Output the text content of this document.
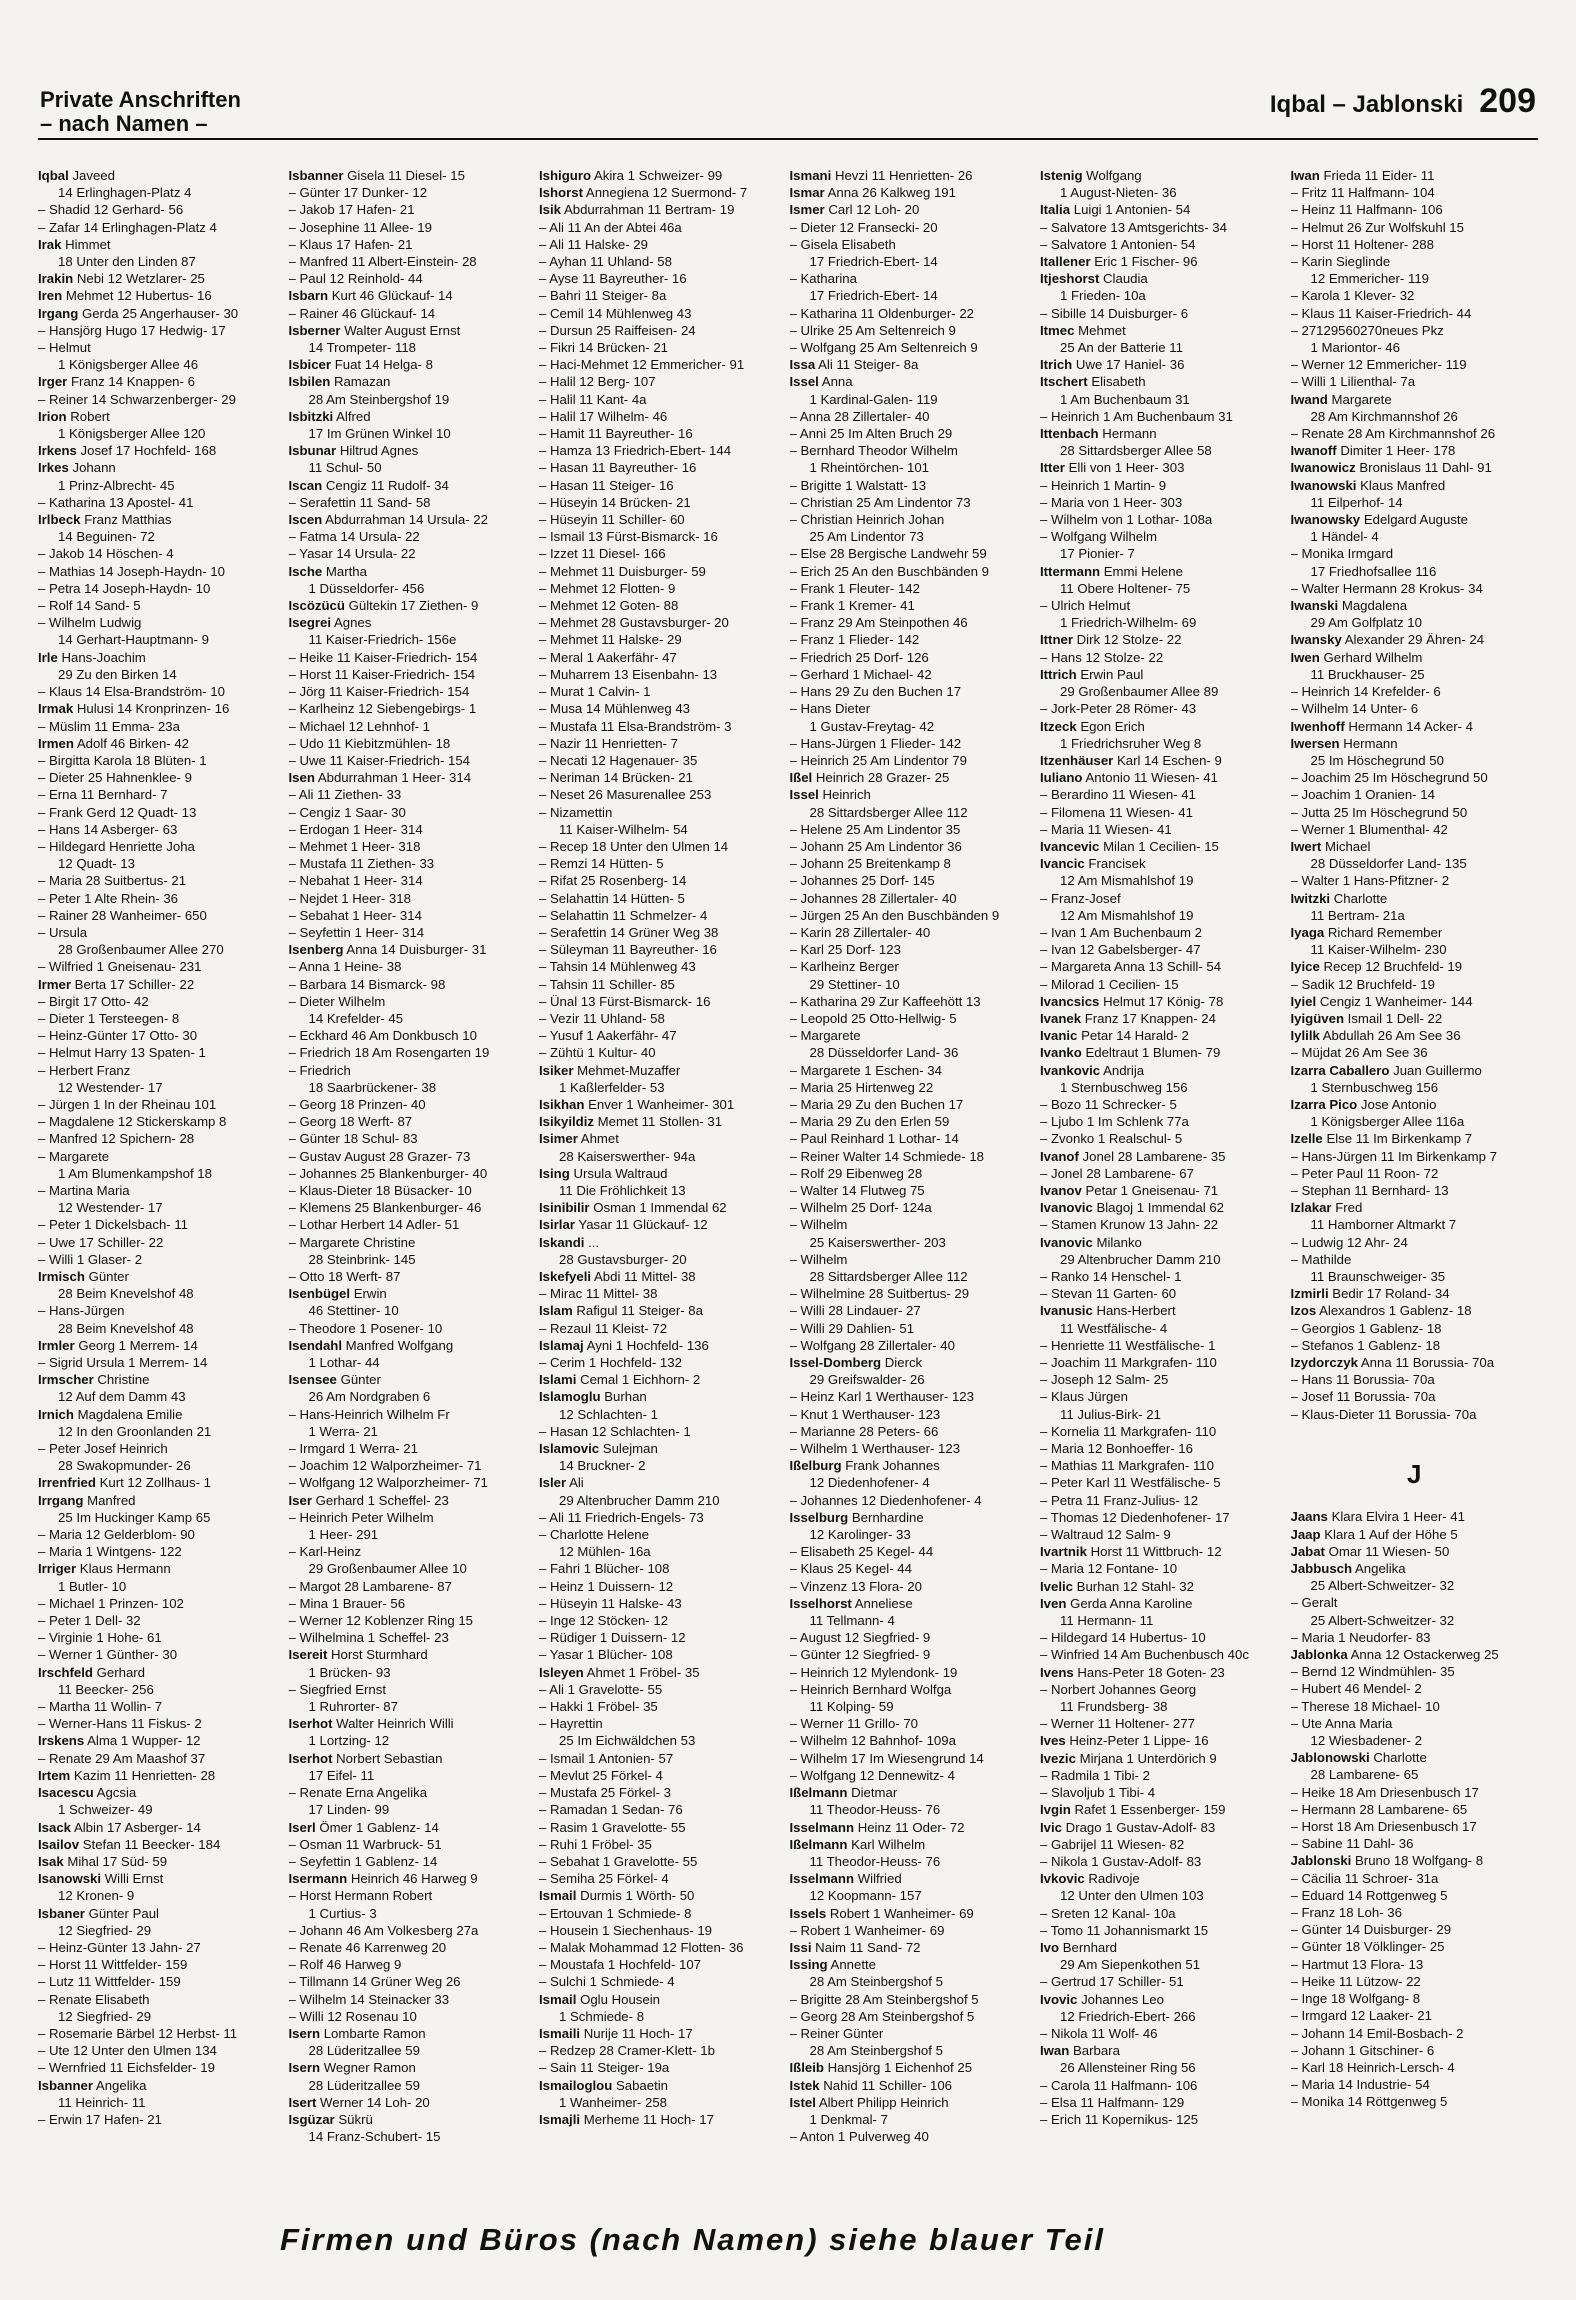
Private Anschriften
– nach Namen –
Iqbal – Jablonski 209
Iqbal Javeed
14 Erlinghagen-Platz 4
– Shadid 12 Gerhard- 56
– Zafar 14 Erlinghagen-Platz 4
Irak Himmet
18 Unter den Linden 87
Irakin Nebi 12 Wetzlarer- 25
Iren Mehmet 12 Hubertus- 16
Irgang Gerda 25 Angerhauser- 30
– Hansjörg Hugo 17 Hedwig- 17
– Helmut
1 Königsberger Allee 46
Irger Franz 14 Knappen- 6
– Reiner 14 Schwarzenberger- 29
Irion Robert
1 Königsberger Allee 120
Irkens Josef 17 Hochfeld- 168
Irkes Johann
1 Prinz-Albrecht- 45
– Katharina 13 Apostel- 41
Irlbeck Franz Matthias
14 Beguinen- 72
– Jakob 14 Höschen- 4
– Mathias 14 Joseph-Haydn- 10
– Petra 14 Joseph-Haydn- 10
– Rolf 14 Sand- 5
– Wilhelm Ludwig
14 Gerhart-Hauptmann- 9
Irle Hans-Joachim
29 Zu den Birken 14
– Klaus 14 Elsa-Brandström- 10
Irmak Hulusi 14 Kronprinzen- 16
– Müslim 11 Emma- 23a
Irmen Adolf 46 Birken- 42
– Birgitta Karola 18 Blüten- 1
– Dieter 25 Hahnenklee- 9
– Erna 11 Bernhard- 7
– Frank Gerd 12 Quadt- 13
– Hans 14 Asberger- 63
– Hildegard Henriette Joha
12 Quadt- 13
– Maria 28 Suitbertus- 21
– Peter 1 Alte Rhein- 36
– Rainer 28 Wanheimer- 650
– Ursula
28 Großenbaumer Allee 270
– Wilfried 1 Gneisenau- 231
Irmer Berta 17 Schiller- 22
– Birgit 17 Otto- 42
– Dieter 1 Tersteegen- 8
– Heinz-Günter 17 Otto- 30
– Helmut Harry 13 Spaten- 1
– Herbert Franz
12 Westender- 17
– Jürgen 1 In der Rheinau 101
– Magdalene 12 Stickerskamp 8
– Manfred 12 Spichern- 28
– Margarete
1 Am Blumenkampshof 18
– Martina Maria
12 Westender- 17
– Peter 1 Dickelsbach- 11
– Uwe 17 Schiller- 22
– Willi 1 Glaser- 2
Irmisch Günter
28 Beim Knevelshof 48
– Hans-Jürgen
28 Beim Knevelshof 48
Irmler Georg 1 Merrem- 14
– Sigrid Ursula 1 Merrem- 14
Irmscher Christine
12 Auf dem Damm 43
Irnich Magdalena Emilie
12 In den Groonlanden 21
– Peter Josef Heinrich
28 Swakopmunder- 26
Irrenfried Kurt 12 Zollhaus- 1
Irrgang Manfred
25 Im Huckinger Kamp 65
– Maria 12 Gelderblom- 90
– Maria 1 Wintgens- 122
Irriger Klaus Hermann
1 Butler- 10
– Michael 1 Prinzen- 102
– Peter 1 Dell- 32
– Virginie 1 Hohe- 61
– Werner 1 Günther- 30
Irschfeld Gerhard
11 Beecker- 256
– Martha 11 Wollin- 7
– Werner-Hans 11 Fiskus- 2
Irskens Alma 1 Wupper- 12
– Renate 29 Am Maashof 37
Irtem Kazim 11 Henrietten- 28
Isacescu Agcsia
1 Schweizer- 49
Isack Albin 17 Asberger- 14
Isailov Stefan 11 Beecker- 184
Isak Mihal 17 Süd- 59
Isanowski Willi Ernst
12 Kronen- 9
Isbaner Günter Paul
12 Siegfried- 29
– Heinz-Günter 13 Jahn- 27
– Horst 11 Wittfelder- 159
– Lutz 11 Wittfelder- 159
– Renate Elisabeth
12 Siegfried- 29
– Rosemarie Bärbel 12 Herbst- 11
– Ute 12 Unter den Ulmen 134
– Wernfried 11 Eichsfelder- 19
Isbanner Angelika
11 Heinrich- 11
– Erwin 17 Hafen- 21
Isbanner Gisela 11 Diesel- 15
– Günter 17 Dunker- 12
– Jakob 17 Hafen- 21
– Josephine 11 Allee- 19
– Klaus 17 Hafen- 21
– Manfred 11 Albert-Einstein- 28
– Paul 12 Reinhold- 44
Isbarn Kurt 46 Glückauf- 14
– Rainer 46 Glückauf- 14
Isberner Walter August Ernst
14 Trompeter- 118
Isbicer Fuat 14 Helga- 8
Isbilen Ramazan
28 Am Steinbergshof 19
Isbitzki Alfred
17 Im Grünen Winkel 10
Isbunar Hiltrud Agnes
11 Schul- 50
Iscan Cengiz 11 Rudolf- 34
– Serafettin 11 Sand- 58
Iscen Abdurrahman 14 Ursula- 22
– Fatma 14 Ursula- 22
– Yasar 14 Ursula- 22
Ische Martha
1 Düsseldorfer- 456
Iscözücü Gültekin 17 Ziethen- 9
Isegrei Agnes
11 Kaiser-Friedrich- 156e
– Heike 11 Kaiser-Friedrich- 154
– Horst 11 Kaiser-Friedrich- 154
– Jörg 11 Kaiser-Friedrich- 154
– Karlheinz 12 Siebengebirgs- 1
– Michael 12 Lehnhof- 1
– Udo 11 Kiebitzmühlen- 18
– Uwe 11 Kaiser-Friedrich- 154
Isen Abdurrahman 1 Heer- 314
– Ali 11 Ziethen- 33
– Cengiz 1 Saar- 30
– Erdogan 1 Heer- 314
– Mehmet 1 Heer- 318
– Mustafa 11 Ziethen- 33
– Nebahat 1 Heer- 314
– Nejdet 1 Heer- 318
– Sebahat 1 Heer- 314
– Seyfettin 1 Heer- 314
Isenberg Anna 14 Duisburger- 31
– Anna 1 Heine- 38
– Barbara 14 Bismarck- 98
– Dieter Wilhelm
14 Krefelder- 45
– Eckhard 46 Am Donkbusch 10
– Friedrich 18 Am Rosengarten 19
– Friedrich
18 Saarbrückener- 38
– Georg 18 Prinzen- 40
– Georg 18 Werft- 87
– Günter 18 Schul- 83
– Gustav August 28 Grazer- 73
– Johannes 25 Blankenburger- 40
– Klaus-Dieter 18 Büsacker- 10
– Klemens 25 Blankenburger- 46
– Lothar Herbert 14 Adler- 51
– Margarete Christine
28 Steinbrink- 145
– Otto 18 Werft- 87
Isenbügel Erwin
46 Stettiner- 10
– Theodore 1 Posener- 10
Isendahl Manfred Wolfgang
1 Lothar- 44
Isensee Günter
26 Am Nordgraben 6
– Hans-Heinrich Wilhelm Fr
1 Werra- 21
– Irmgard 1 Werra- 21
– Joachim 12 Walporzheimer- 71
– Wolfgang 12 Walporzheimer- 71
Iser Gerhard 1 Scheffel- 23
– Heinrich Peter Wilhelm
1 Heer- 291
– Karl-Heinz
29 Großenbaumer Allee 10
– Margot 28 Lambarene- 87
– Mina 1 Brauer- 56
– Werner 12 Koblenzer Ring 15
– Wilhelmina 1 Scheffel- 23
Isereit Horst Sturmhard
1 Brücken- 93
– Siegfried Ernst
1 Ruhrorter- 87
Iserhot Walter Heinrich Willi
1 Lortzing- 12
Iserhot Norbert Sebastian
17 Eifel- 11
– Renate Erna Angelika
17 Linden- 99
Iserl Ömer 1 Gablenz- 14
– Osman 11 Warbruck- 51
– Seyfettin 1 Gablenz- 14
Isermann Heinrich 46 Harweg 9
– Horst Hermann Robert
1 Curtius- 3
– Johann 46 Am Volkesberg 27a
– Renate 46 Karrenweg 20
– Rolf 46 Harweg 9
– Tillmann 14 Grüner Weg 26
– Wilhelm 14 Steinacker 33
– Willi 12 Rosenau 10
Isern Lombarte Ramon
28 Lüderitzallee 59
Isern Wegner Ramon
28 Lüderitzallee 59
Isert Werner 14 Loh- 20
Isgüzar Sükrü
14 Franz-Schubert- 15
Ishiguro Akira 1 Schweizer- 99
Ishorst Annegiena 12 Suermond- 7
Isik Abdurrahman 11 Bertram- 19
– Ali 11 An der Abtei 46a
– Ali 11 Halske- 29
– Ayhan 11 Uhland- 58
– Ayse 11 Bayreuther- 16
– Bahri 11 Steiger- 8a
– Cemil 14 Mühlenweg 43
– Dursun 25 Raiffeisen- 24
– Fikri 14 Brücken- 21
– Haci-Mehmet 12 Emmericher- 91
– Halil 12 Berg- 107
– Halil 11 Kant- 4a
– Halil 17 Wilhelm- 46
– Hamit 11 Bayreuther- 16
– Hamza 13 Friedrich-Ebert- 144
– Hasan 11 Bayreuther- 16
– Hasan 11 Steiger- 16
– Hüseyin 14 Brücken- 21
– Hüseyin 11 Schiller- 60
– Ismail 13 Fürst-Bismarck- 16
– Izzet 11 Diesel- 166
– Mehmet 11 Duisburger- 59
– Mehmet 12 Flotten- 9
– Mehmet 12 Goten- 88
– Mehmet 28 Gustavsburger- 20
– Mehmet 11 Halske- 29
– Meral 1 Aakerfähr- 47
– Muharrem 13 Eisenbahn- 13
– Murat 1 Calvin- 1
– Musa 14 Mühlenweg 43
– Mustafa 11 Elsa-Brandström- 3
– Nazir 11 Henrietten- 7
– Necati 12 Hagenauer- 35
– Neriman 14 Brücken- 21
– Neset 26 Masurenallee 253
– Nizamettin
11 Kaiser-Wilhelm- 54
– Recep 18 Unter den Ulmen 14
– Remzi 14 Hütten- 5
– Rifat 25 Rosenberg- 14
– Selahattin 14 Hütten- 5
– Selahattin 11 Schmelzer- 4
– Serafettin 14 Grüner Weg 38
– Süleyman 11 Bayreuther- 16
– Tahsin 14 Mühlenweg 43
– Tahsin 11 Schiller- 85
– Ünal 13 Fürst-Bismarck- 16
– Vezir 11 Uhland- 58
– Yusuf 1 Aakerfähr- 47
– Zühtü 1 Kultur- 40
Isiker Mehmet-Muzaffer
1 Kaßlerfelder- 53
Isikhan Enver 1 Wanheimer- 301
Isikyildiz Memet 11 Stollen- 31
Isimer Ahmet
28 Kaiserswerther- 94a
Ising Ursula Waltraud
11 Die Fröhlichkeit 13
Isinibilir Osman 1 Immendal 62
Isirlar Yasar 11 Glückauf- 12
Iskandi ...
28 Gustavsburger- 20
Iskefyeli Abdi 11 Mittel- 38
– Mirac 11 Mittel- 38
Islam Rafigul 11 Steiger- 8a
– Rezaul 11 Kleist- 72
Islamaj Ayni 1 Hochfeld- 136
– Cerim 1 Hochfeld- 132
Islami Cemal 1 Eichhorn- 2
Islamoglu Burhan
12 Schlachten- 1
– Hasan 12 Schlachten- 1
Islamovic Sulejman
14 Bruckner- 2
Isler Ali
29 Altenbrucher Damm 210
– Ali 11 Friedrich-Engels- 73
– Charlotte Helene
12 Mühlen- 16a
– Fahri 1 Blücher- 108
– Heinz 1 Duissern- 12
– Hüseyin 11 Halske- 43
– Inge 12 Stöcken- 12
– Rüdiger 1 Duissern- 12
– Yasar 1 Blücher- 108
Isleyen Ahmet 1 Fröbel- 35
– Ali 1 Gravelotte- 55
– Hakki 1 Fröbel- 35
– Hayrettin
25 Im Eichwäldchen 53
– Ismail 1 Antonien- 57
– Mevlut 25 Förkel- 4
– Mustafa 25 Förkel- 3
– Ramadan 1 Sedan- 76
– Rasim 1 Gravelotte- 55
– Ruhi 1 Fröbel- 35
– Sebahat 1 Gravelotte- 55
– Semiha 25 Förkel- 4
Ismail Durmis 1 Wörth- 50
– Ertouvan 1 Schmiede- 8
– Housein 1 Siechenhaus- 19
– Malak Mohammad 12 Flotten- 36
– Moustafa 1 Hochfeld- 107
– Sulchi 1 Schmiede- 4
Ismail Oglu Housein
1 Schmiede- 8
Ismaili Nurije 11 Hoch- 17
– Redzep 28 Cramer-Klett- 1b
– Sain 11 Steiger- 19a
Ismailoglou Sabaetin
1 Wanheimer- 258
Ismajli Merheme 11 Hoch- 17
Ismani Hevzi 11 Henrietten- 26
Ismar Anna 26 Kalkweg 191
Ismer Carl 12 Loh- 20
– Dieter 12 Fransecki- 20
– Gisela Elisabeth
17 Friedrich-Ebert- 14
– Katharina
17 Friedrich-Ebert- 14
– Katharina 11 Oldenburger- 22
– Ulrike 25 Am Seltenreich 9
– Wolfgang 25 Am Seltenreich 9
Issa Ali 11 Steiger- 8a
Issel Anna
1 Kardinal-Galen- 119
– Anna 28 Zillertaler- 40
– Anni 25 Im Alten Bruch 29
– Bernhard Theodor Wilhelm
1 Rheintörchen- 101
– Brigitte 1 Walstatt- 13
– Christian 25 Am Lindentor 73
– Christian Heinrich Johan
25 Am Lindentor 73
– Else 28 Bergische Landwehr 59
– Erich 25 An den Buschbänden 9
– Frank 1 Fleuter- 142
– Frank 1 Kremer- 41
– Franz 29 Am Steinpothen 46
– Franz 1 Flieder- 142
– Friedrich 25 Dorf- 126
– Gerhard 1 Michael- 42
– Hans 29 Zu den Buchen 17
– Hans Dieter
1 Gustav-Freytag- 42
– Hans-Jürgen 1 Flieder- 142
– Heinrich 25 Am Lindentor 79
Ißel Heinrich 28 Grazer- 25
Issel Heinrich
28 Sittardsberger Allee 112
– Helene 25 Am Lindentor 35
– Johann 25 Am Lindentor 36
– Johann 25 Breitenkamp 8
– Johannes 25 Dorf- 145
– Johannes 28 Zillertaler- 40
– Jürgen 25 An den Buschbänden 9
– Karin 28 Zillertaler- 40
– Karl 25 Dorf- 123
– Karlheinz Berger
29 Stettiner- 10
– Katharina 29 Zur Kaffeehött 13
– Leopold 25 Otto-Hellwig- 5
– Margarete
28 Düsseldorfer Land- 36
– Margarete 1 Eschen- 34
– Maria 25 Hirtenweg 22
– Maria 29 Zu den Buchen 17
– Maria 29 Zu den Erlen 59
– Paul Reinhard 1 Lothar- 14
– Reiner Walter 14 Schmiede- 18
– Rolf 29 Eibenweg 28
– Walter 14 Flutweg 75
– Wilhelm 25 Dorf- 124a
– Wilhelm
25 Kaiserswerther- 203
– Wilhelm
28 Sittardsberger Allee 112
– Wilhelmine 28 Suitbertus- 29
– Willi 28 Lindauer- 27
– Willi 29 Dahlien- 51
– Wolfgang 28 Zillertaler- 40
Issel-Domberg Dierck
29 Greifswalder- 26
– Heinz Karl 1 Werthauser- 123
– Knut 1 Werthauser- 123
– Marianne 28 Peters- 66
– Wilhelm 1 Werthauser- 123
Ißelburg Frank Johannes
12 Diedenhofener- 4
– Johannes 12 Diedenhofener- 4
Isselburg Bernhardine
12 Karolinger- 33
– Elisabeth 25 Kegel- 44
– Klaus 25 Kegel- 44
– Vinzenz 13 Flora- 20
Isselhorst Anneliese
11 Tellmann- 4
– August 12 Siegfried- 9
– Günter 12 Siegfried- 9
– Heinrich 12 Mylendonk- 19
– Heinrich Bernhard Wolfga
11 Kolping- 59
– Werner 11 Grillo- 70
– Wilhelm 12 Bahnhof- 109a
– Wilhelm 17 Im Wiesengrund 14
– Wolfgang 12 Dennewitz- 4
Ißelmann Dietmar
11 Theodor-Heuss- 76
Isselmann Heinz 11 Oder- 72
Ißelmann Karl Wilhelm
11 Theodor-Heuss- 76
Isselmann Wilfried
12 Koopmann- 157
Issels Robert 1 Wanheimer- 69
– Robert 1 Wanheimer- 69
Issi Naim 11 Sand- 72
Issing Annette
28 Am Steinbergshof 5
– Brigitte 28 Am Steinbergshof 5
– Georg 28 Am Steinbergshof 5
– Reiner Günter
28 Am Steinbergshof 5
Ißleib Hansjörg 1 Eichenhof 25
Istek Nahid 11 Schiller- 106
Istel Albert Philipp Heinrich
1 Denkmal- 7
– Anton 1 Pulverweg 40
Istenig Wolfgang
1 August-Nieten- 36
Italia Luigi 1 Antonien- 54
– Salvatore 13 Amtsgerichts- 34
– Salvatore 1 Antonien- 54
Itallener Eric 1 Fischer- 96
Itjeshorst Claudia
1 Frieden- 10a
– Sibille 14 Duisburger- 6
Itmec Mehmet
25 An der Batterie 11
Itrich Uwe 17 Haniel- 36
Itschert Elisabeth
1 Am Buchenbaum 31
– Heinrich 1 Am Buchenbaum 31
Ittenbach Hermann
28 Sittardsberger Allee 58
Itter Elli von 1 Heer- 303
– Heinrich 1 Martin- 9
– Maria von 1 Heer- 303
– Wilhelm von 1 Lothar- 108a
– Wolfgang Wilhelm
17 Pionier- 7
Ittermann Emmi Helene
11 Obere Holtener- 75
– Ulrich Helmut
1 Friedrich-Wilhelm- 69
Ittner Dirk 12 Stolze- 22
– Hans 12 Stolze- 22
Ittrich Erwin Paul
29 Großenbaumer Allee 89
– Jork-Peter 28 Römer- 43
Itzeck Egon Erich
1 Friedrichsruher Weg 8
Itzenhäuser Karl 14 Eschen- 9
Iuliano Antonio 11 Wiesen- 41
– Berardino 11 Wiesen- 41
– Filomena 11 Wiesen- 41
– Maria 11 Wiesen- 41
Ivancevic Milan 1 Cecilien- 15
Ivancic Francisek
12 Am Mismahlshof 19
– Franz-Josef
12 Am Mismahlshof 19
– Ivan 1 Am Buchenbaum 2
– Ivan 12 Gabelsberger- 47
– Margareta Anna 13 Schill- 54
– Milorad 1 Cecilien- 15
Ivancsics Helmut 17 König- 78
Ivanek Franz 17 Knappen- 24
Ivanic Petar 14 Harald- 2
Ivanko Edeltraut 1 Blumen- 79
Ivankovic Andrija
1 Sternbuschweg 156
– Bozo 11 Schrecker- 5
– Ljubo 1 Im Schlenk 77a
– Zvonko 1 Realschul- 5
Ivanof Jonel 28 Lambarene- 35
– Jonel 28 Lambarene- 67
Ivanov Petar 1 Gneisenau- 71
Ivanovic Blagoj 1 Immendal 62
– Stamen Krunow 13 Jahn- 22
Ivanovic Milanko
29 Altenbrucher Damm 210
– Ranko 14 Henschel- 1
– Stevan 11 Garten- 60
Ivanusic Hans-Herbert
11 Westfälische- 4
– Henriette 11 Westfälische- 1
– Joachim 11 Markgrafen- 110
– Joseph 12 Salm- 25
– Klaus Jürgen
11 Julius-Birk- 21
– Kornelia 11 Markgrafen- 110
– Maria 12 Bonhoeffer- 16
– Mathias 11 Markgrafen- 110
– Peter Karl 11 Westfälische- 5
– Petra 11 Franz-Julius- 12
– Thomas 12 Diedenhofener- 17
– Waltraud 12 Salm- 9
Ivartnik Horst 11 Wittbruch- 12
– Maria 12 Fontane- 10
Ivelic Burhan 12 Stahl- 32
Iven Gerda Anna Karoline
11 Hermann- 11
– Hildegard 14 Hubertus- 10
– Winfried 14 Am Buchenbusch 40c
Ivens Hans-Peter 18 Goten- 23
– Norbert Johannes Georg
11 Frundsberg- 38
– Werner 11 Holtener- 277
Ives Heinz-Peter 1 Lippe- 16
Ivezic Mirjana 1 Unterdörich 9
– Radmila 1 Tibi- 2
– Slavoljub 1 Tibi- 4
Ivgin Rafet 1 Essenberger- 159
Ivic Drago 1 Gustav-Adolf- 83
– Gabrijel 11 Wiesen- 82
– Nikola 1 Gustav-Adolf- 83
Ivkovic Radivoje
12 Unter den Ulmen 103
– Sreten 12 Kanal- 10a
– Tomo 11 Johannismarkt 15
Ivo Bernhard
29 Am Siepenkothen 51
– Gertrud 17 Schiller- 51
Ivovic Johannes Leo
12 Friedrich-Ebert- 266
– Nikola 11 Wolf- 46
Iwan Barbara
26 Allensteiner Ring 56
– Carola 11 Halfmann- 106
– Elsa 11 Halfmann- 129
– Erich 11 Kopernikus- 125
Iwan Frieda 11 Eider- 11
– Fritz 11 Halfmann- 104
– Heinz 11 Halfmann- 106
– Helmut 26 Zur Wolfskuhl 15
– Horst 11 Holtener- 288
– Karin Sieglinde
12 Emmericher- 119
– Karola 1 Klever- 32
– Klaus 11 Kaiser-Friedrich- 44
– 27129560270neues Pkz
1 Mariontor- 46
– Werner 12 Emmericher- 119
– Willi 1 Lilienthal- 7a
Iwand Margarete
28 Am Kirchmannshof 26
– Renate 28 Am Kirchmannshof 26
Iwanoff Dimiter 1 Heer- 178
Iwanowicz Bronislaus 11 Dahl- 91
Iwanowski Klaus Manfred
11 Eilperhof- 14
Iwanowsky Edelgard Auguste
1 Händel- 4
– Monika Irmgard
17 Friedhofsallee 116
– Walter Hermann 28 Krokus- 34
Iwanski Magdalena
29 Am Golfplatz 10
Iwansky Alexander 29 Ähren- 24
Iwen Gerhard Wilhelm
11 Bruckhauser- 25
– Heinrich 14 Krefelder- 6
– Wilhelm 14 Unter- 6
Iwenhoff Hermann 14 Acker- 4
Iwersen Hermann
25 Im Höschegrund 50
– Joachim 25 Im Höschegrund 50
– Joachim 1 Oranien- 14
– Jutta 25 Im Höschegrund 50
– Werner 1 Blumenthal- 42
Iwert Michael
28 Düsseldorfer Land- 135
– Walter 1 Hans-Pfitzner- 2
Iwitzki Charlotte
11 Bertram- 21a
Iyaga Richard Remember
11 Kaiser-Wilhelm- 230
Iyice Recep 12 Bruchfeld- 19
– Sadik 12 Bruchfeld- 19
Iyiel Cengiz 1 Wanheimer- 144
Iyigüven Ismail 1 Dell- 22
Iylilk Abdullah 26 Am See 36
– Müjdat 26 Am See 36
Izarra Caballero Juan Guillermo
1 Sternbuschweg 156
Izarra Pico Jose Antonio
1 Königsberger Allee 116a
Izelle Else 11 Im Birkenkamp 7
– Hans-Jürgen 11 Im Birkenkamp 7
– Peter Paul 11 Roon- 72
– Stephan 11 Bernhard- 13
Izlakar Fred
11 Hamborner Altmarkt 7
– Ludwig 12 Ahr- 24
– Mathilde
11 Braunschweiger- 35
Izmirli Bedir 17 Roland- 34
Izos Alexandros 1 Gablenz- 18
– Georgios 1 Gablenz- 18
– Stefanos 1 Gablenz- 18
Izydorczyk Anna 11 Borussia- 70a
– Hans 11 Borussia- 70a
– Josef 11 Borussia- 70a
– Klaus-Dieter 11 Borussia- 70a
J
Jaans Klara Elvira 1 Heer- 41
Jaap Klara 1 Auf der Höhe 5
Jabat Omar 11 Wiesen- 50
Jabbusch Angelika
25 Albert-Schweitzer- 32
– Geralt
25 Albert-Schweitzer- 32
– Maria 1 Neudorfer- 83
Jablonka Anna 12 Ostackerweg 25
– Bernd 12 Windmühlen- 35
– Hubert 46 Mendel- 2
– Therese 18 Michael- 10
– Ute Anna Maria
12 Wiesbadener- 2
Jablonowski Charlotte
28 Lambarene- 65
– Heike 18 Am Driesenbusch 17
– Hermann 28 Lambarene- 65
– Horst 18 Am Driesenbusch 17
– Sabine 11 Dahl- 36
Jablonski Bruno 18 Wolfgang- 8
– Cäcilia 11 Schroer- 31a
– Eduard 14 Rottgenweg 5
– Franz 18 Loh- 36
– Günter 14 Duisburger- 29
– Günter 18 Völklinger- 25
– Hartmut 13 Flora- 13
– Heike 11 Lützow- 22
– Inge 18 Wolfgang- 8
– Irmgard 12 Laaker- 21
– Johann 14 Emil-Bosbach- 2
– Johann 1 Gitschiner- 6
– Karl 18 Heinrich-Lersch- 4
– Maria 14 Industrie- 54
– Monika 14 Röttgenweg 5
Firmen und Büros (nach Namen) siehe blauer Teil
